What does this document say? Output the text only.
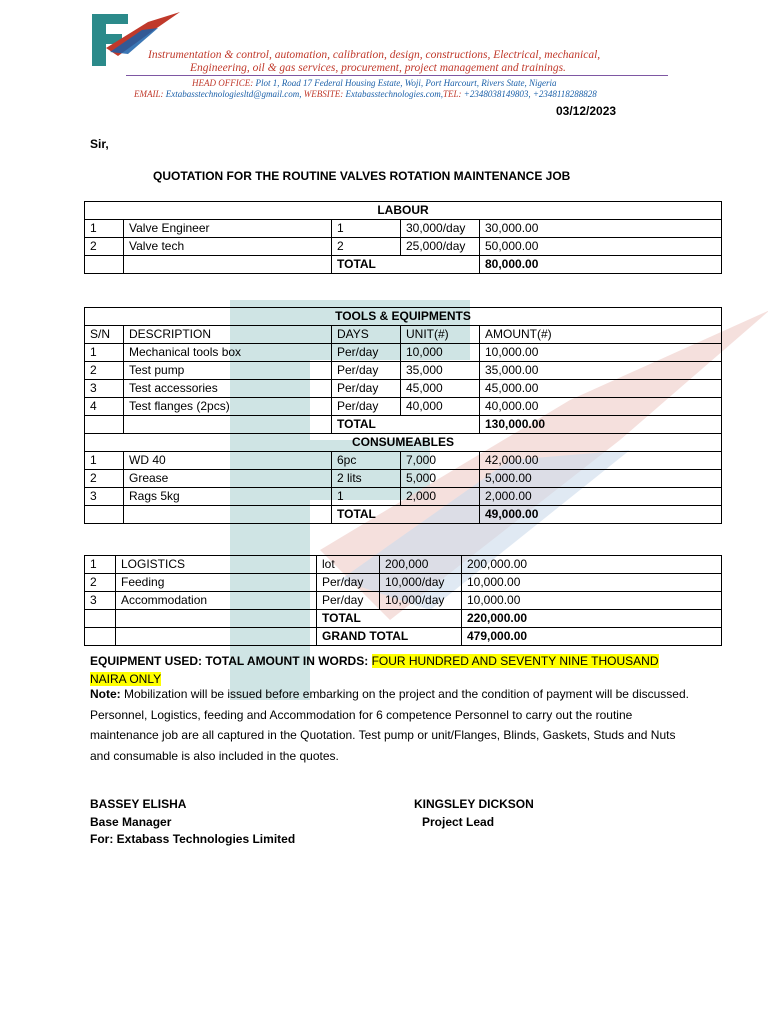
Instrumentation & control, automation, calibration, design, constructions, Electrical, mechanical,
Engineering, oil & gas services, procurement, project management and trainings.
HEAD OFFICE: Plot 1, Road 17 Federal Housing Estate, Woji, Port Harcourt, Rivers State, Nigeria
EMAIL: Extabasstechnologiesltd@gmail.com, WEBSITE: Extabasstechnologies.com,TEL: +2348038149803, +2348118288828
03/12/2023
Sir,
QUOTATION FOR THE ROUTINE VALVES ROTATION MAINTENANCE JOB
LABOUR				
1	Valve Engineer	1	30,000/day	30,000.00
2	Valve tech	2	25,000/day	50,000.00
		TOTAL		80,000.00
TOOLS & EQUIPMENTS				
S/N	DESCRIPTION	DAYS	UNIT(#)	AMOUNT(#)
1	Mechanical tools box	Per/day	10,000	10,000.00
2	Test pump	Per/day	35,000	35,000.00
3	Test accessories	Per/day	45,000	45,000.00
4	Test flanges (2pcs)	Per/day	40,000	40,000.00
		TOTAL		130,000.00
CONSUMEABLES				
1	WD 40	6pc	7,000	42,000.00
2	Grease	2 lits	5,000	5,000.00
3	Rags 5kg	1	2,000	2,000.00
		TOTAL		49,000.00
1	LOGISTICS	lot	200,000	200,000.00
2	Feeding	Per/day	10,000/day	10,000.00
3	Accommodation	Per/day	10,000/day	10,000.00
		TOTAL		220,000.00
		GRAND TOTAL		479,000.00
EQUIPMENT USED: TOTAL AMOUNT IN WORDS: FOUR HUNDRED AND SEVENTY NINE THOUSAND NAIRA ONLY
Note: Mobilization will be issued before embarking on the project and the condition of payment will be discussed. Personnel, Logistics, feeding and Accommodation for 6 competence Personnel to carry out the routine maintenance job are all captured in the Quotation. Test pump or unit/Flanges, Blinds, Gaskets, Studs and Nuts and consumable is also included in the quotes.
BASSEY ELISHA
Base Manager
For: Extabass Technologies Limited
KINGSLEY DICKSON
Project Lead
